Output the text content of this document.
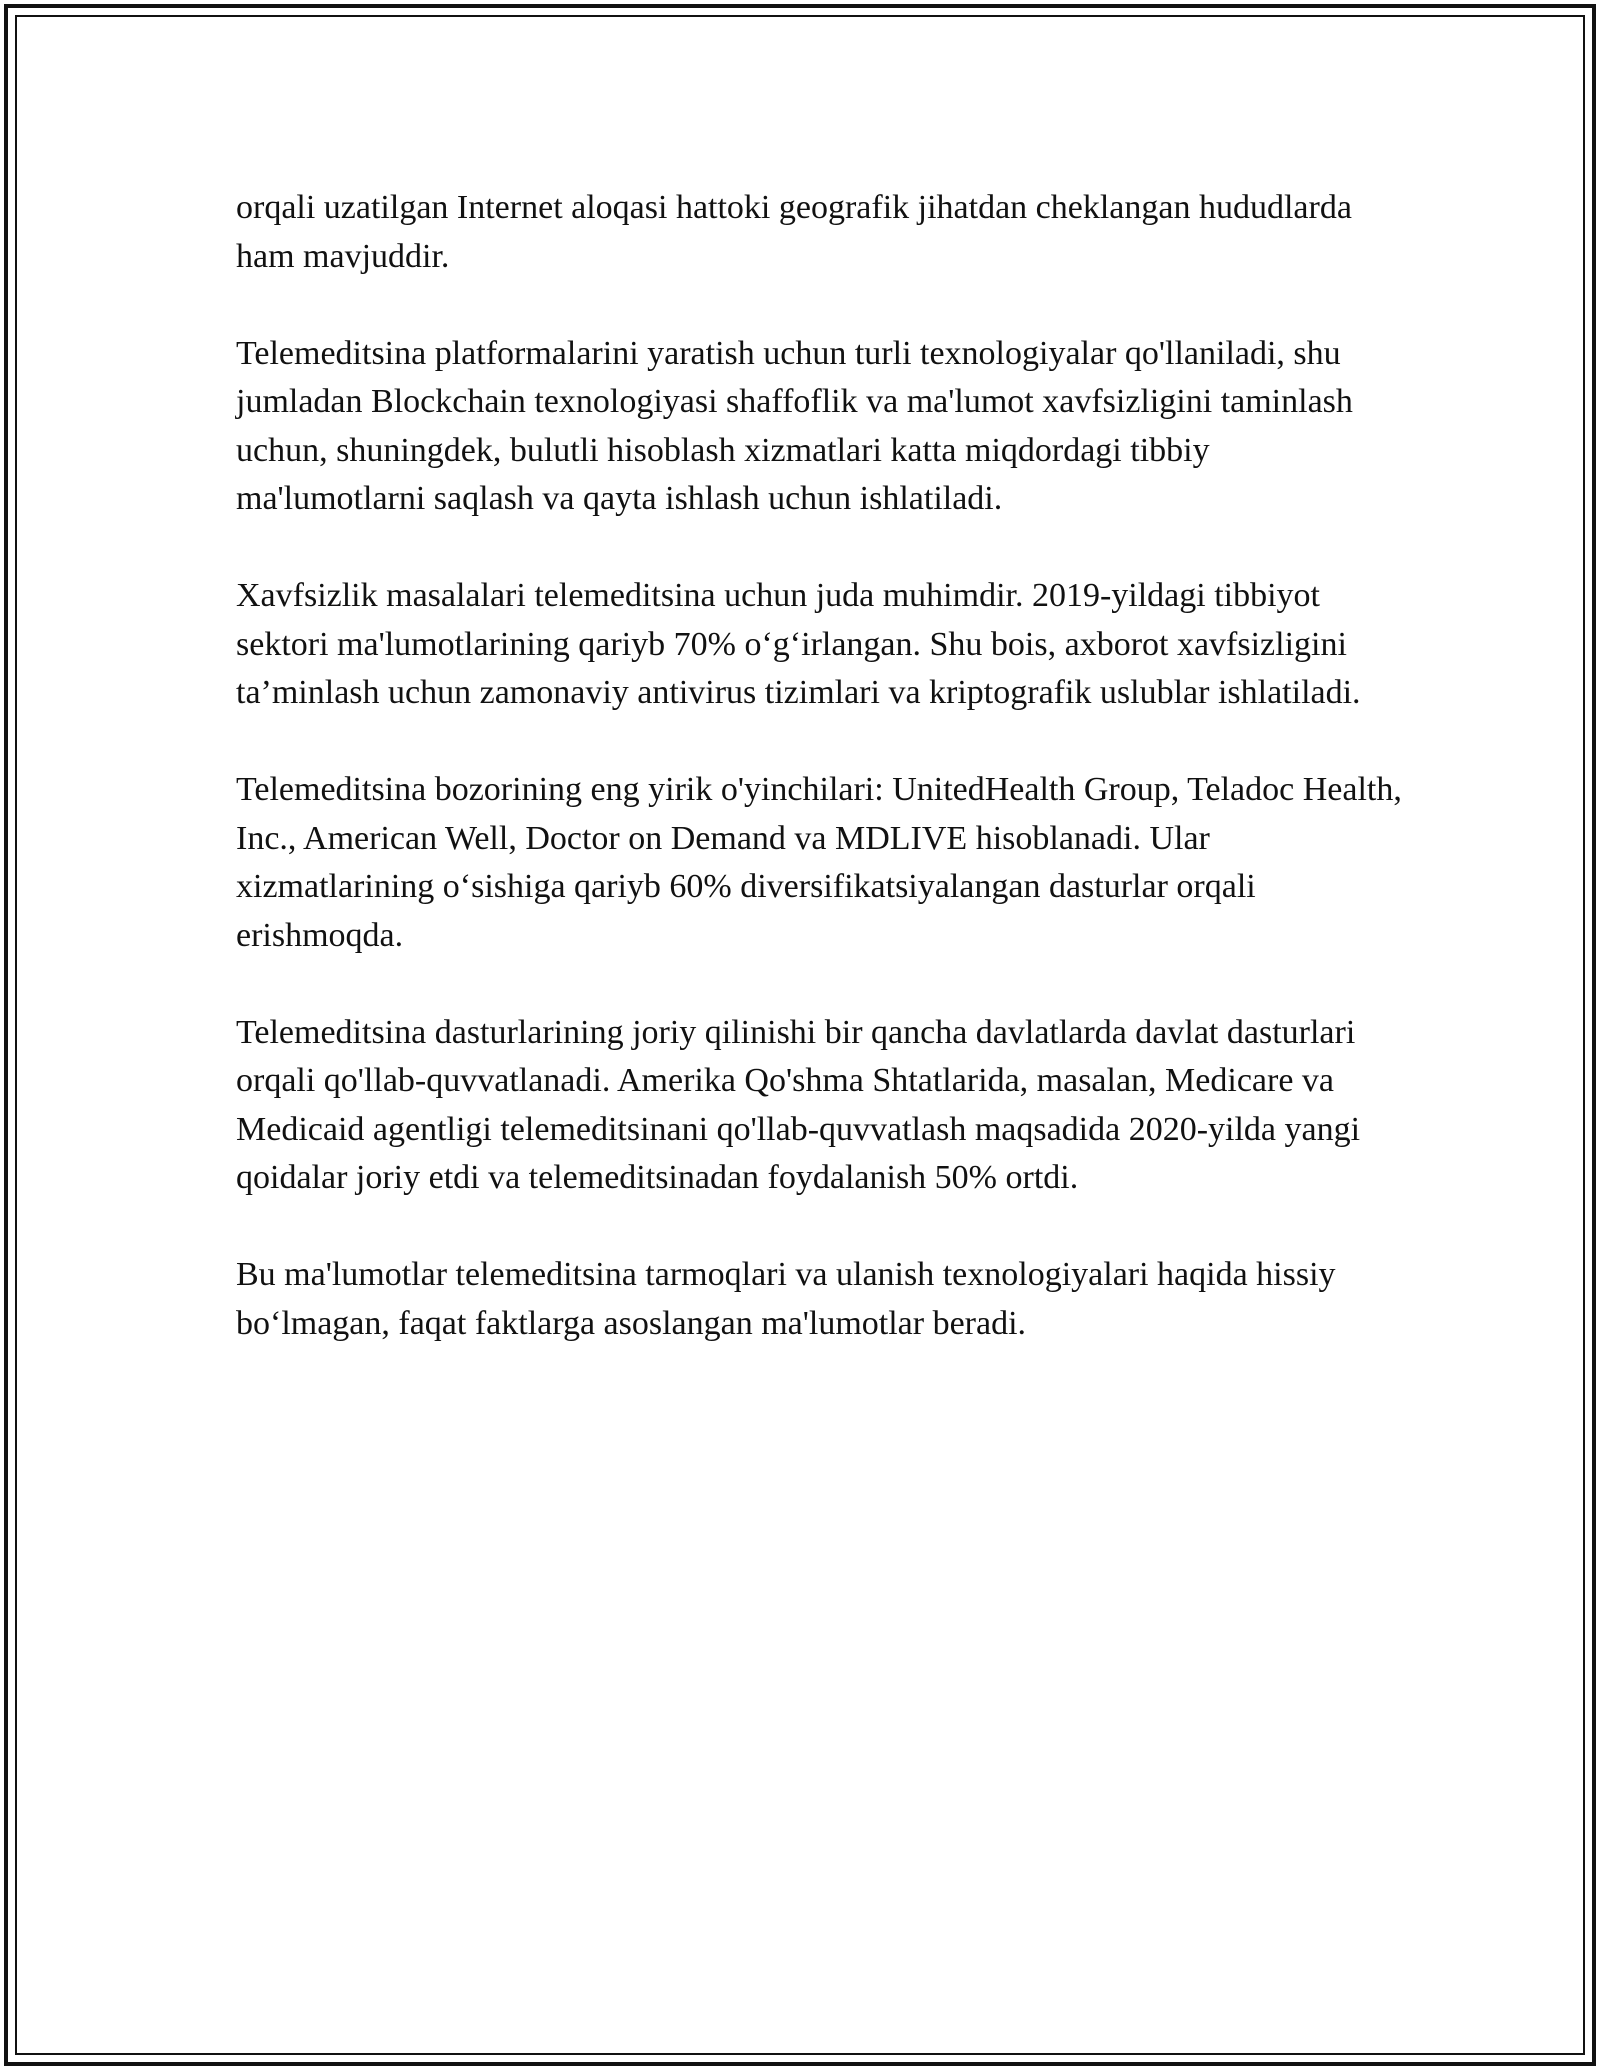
orqali uzatilgan Internet aloqasi hattoki geografik jihatdan cheklangan hududlarda ham mavjuddir.

Telemeditsina platformalarini yaratish uchun turli texnologiyalar qo'llaniladi, shu jumladan Blockchain texnologiyasi shaffoflik va ma'lumot xavfsizligini taminlash uchun, shuningdek, bulutli hisoblash xizmatlari katta miqdordagi tibbiy ma'lumotlarni saqlash va qayta ishlash uchun ishlatiladi.

Xavfsizlik masalalari telemeditsina uchun juda muhimdir. 2019-yildagi tibbiyot sektori ma'lumotlarining qariyb 70% o‘g‘irlangan. Shu bois, axborot xavfsizligini ta’minlash uchun zamonaviy antivirus tizimlari va kriptografik uslublar ishlatiladi.

Telemeditsina bozorining eng yirik o'yinchilari: UnitedHealth Group, Teladoc Health, Inc., American Well, Doctor on Demand va MDLIVE hisoblanadi. Ular xizmatlarining o‘sishiga qariyb 60% diversifikatsiyalangan dasturlar orqali erishmoqda.

Telemeditsina dasturlarining joriy qilinishi bir qancha davlatlarda davlat dasturlari orqali qo'llab-quvvatlanadi. Amerika Qo'shma Shtatlarida, masalan, Medicare va Medicaid agentligi telemeditsinani qo'llab-quvvatlash maqsadida 2020-yilda yangi qoidalar joriy etdi va telemeditsinadan foydalanish 50% ortdi.

Bu ma'lumotlar telemeditsina tarmoqlari va ulanish texnologiyalari haqida hissiy bo‘lmagan, faqat faktlarga asoslangan ma'lumotlar beradi.
